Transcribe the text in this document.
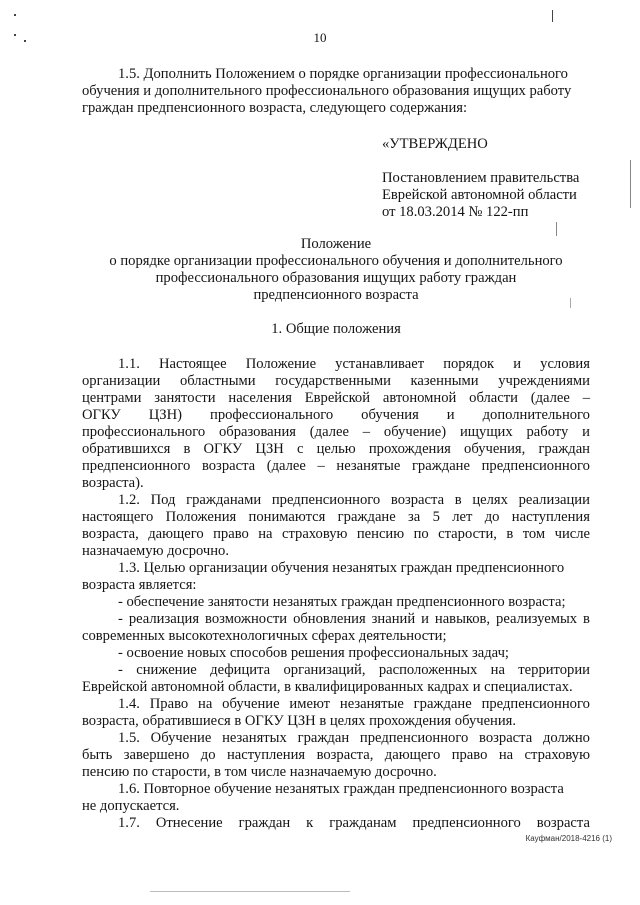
10
1.5. Дополнить Положением о порядке организации профессионального
обучения и дополнительного профессионального образования ищущих работу
граждан предпенсионного возраста, следующего содержания:
«УТВЕРЖДЕНО
Постановлением правительства
Еврейской автономной области
от 18.03.2014 № 122-пп
Положение
о порядке организации профессионального обучения и дополнительного
профессионального образования ищущих работу граждан
предпенсионного возраста
1. Общие положения
1.1. Настоящее Положение устанавливает порядок и условия
организации областными государственными казенными учреждениями
центрами занятости населения Еврейской автономной области (далее –
ОГКУ ЦЗН) профессионального обучения и дополнительного
профессионального образования (далее – обучение) ищущих работу и
обратившихся в ОГКУ ЦЗН с целью прохождения обучения, граждан
предпенсионного возраста (далее – незанятые граждане предпенсионного
возраста).
1.2. Под гражданами предпенсионного возраста в целях реализации
настоящего Положения понимаются граждане за 5 лет до наступления
возраста, дающего право на страховую пенсию по старости, в том числе
назначаемую досрочно.
1.3. Целью организации обучения незанятых граждан предпенсионного
возраста является:
- обеспечение занятости незанятых граждан предпенсионного возраста;
- реализация возможности обновления знаний и навыков, реализуемых в
современных высокотехнологичных сферах деятельности;
- освоение новых способов решения профессиональных задач;
- снижение дефицита организаций, расположенных на территории
Еврейской автономной области, в квалифицированных кадрах и специалистах.
1.4. Право на обучение имеют незанятые граждане предпенсионного
возраста, обратившиеся в ОГКУ ЦЗН в целях прохождения обучения.
1.5. Обучение незанятых граждан предпенсионного возраста должно
быть завершено до наступления возраста, дающего право на страховую
пенсию по старости, в том числе назначаемую досрочно.
1.6. Повторное обучение незанятых граждан предпенсионного возраста
не допускается.
1.7. Отнесение граждан к гражданам предпенсионного возраста
Кауфман/2018-4216 (1)
